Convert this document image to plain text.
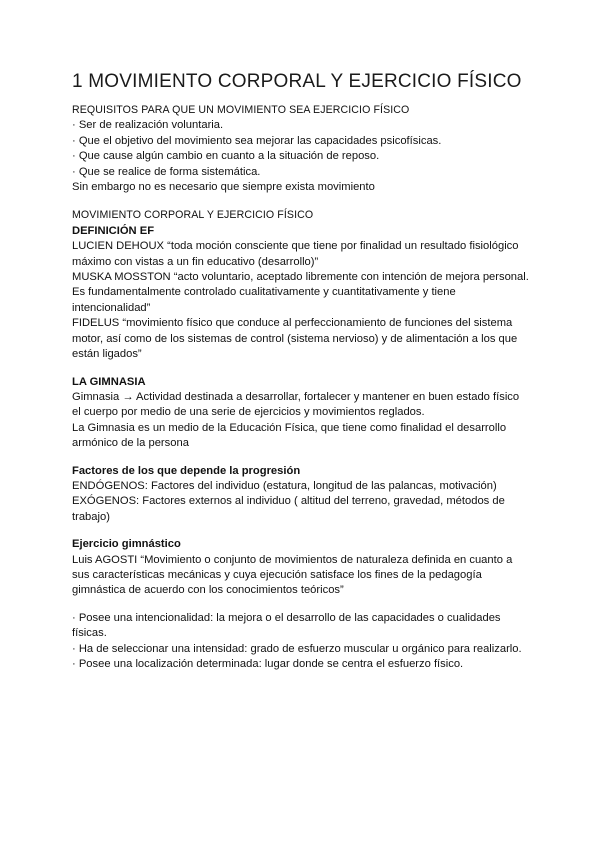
1 MOVIMIENTO CORPORAL Y EJERCICIO FÍSICO
REQUISITOS PARA QUE UN MOVIMIENTO SEA EJERCICIO FÍSICO
· Ser de realización voluntaria.
· Que el objetivo del movimiento sea mejorar las capacidades psicofísicas.
· Que cause algún cambio en cuanto a la situación de reposo.
· Que se realice de forma sistemática.
Sin embargo no es necesario que siempre exista movimiento
MOVIMIENTO CORPORAL Y EJERCICIO FÍSICO
DEFINICIÓN EF
LUCIEN DEHOUX “toda moción consciente que tiene por finalidad un resultado fisiológico
máximo con vistas a un fin educativo (desarrollo)”
MUSKA MOSSTON “acto voluntario, aceptado libremente con intención de mejora personal.
Es fundamentalmente controlado cualitativamente y cuantitativamente y tiene
intencionalidad”
FIDELUS “movimiento físico que conduce al perfeccionamiento de funciones del sistema
motor, así como de los sistemas de control (sistema nervioso) y de alimentación a los que
están ligados”
LA GIMNASIA
Gimnasia → Actividad destinada a desarrollar, fortalecer y mantener en buen estado físico
el cuerpo por medio de una serie de ejercicios y movimientos reglados.
La Gimnasia es un medio de la Educación Física, que tiene como finalidad el desarrollo
armónico de la persona
Factores de los que depende la progresión
ENDÓGENOS: Factores del individuo (estatura, longitud de las palancas, motivación)
EXÓGENOS: Factores externos al individuo ( altitud del terreno, gravedad, métodos de
trabajo)
Ejercicio gimnástico
Luis AGOSTI “Movimiento o conjunto de movimientos de naturaleza definida en cuanto a
sus características mecánicas y cuya ejecución satisface los fines de la pedagogía
gimnástica de acuerdo con los conocimientos teóricos”
· Posee una intencionalidad: la mejora o el desarrollo de las capacidades o cualidades
físicas.
· Ha de seleccionar una intensidad: grado de esfuerzo muscular u orgánico para realizarlo.
· Posee una localización determinada: lugar donde se centra el esfuerzo físico.
